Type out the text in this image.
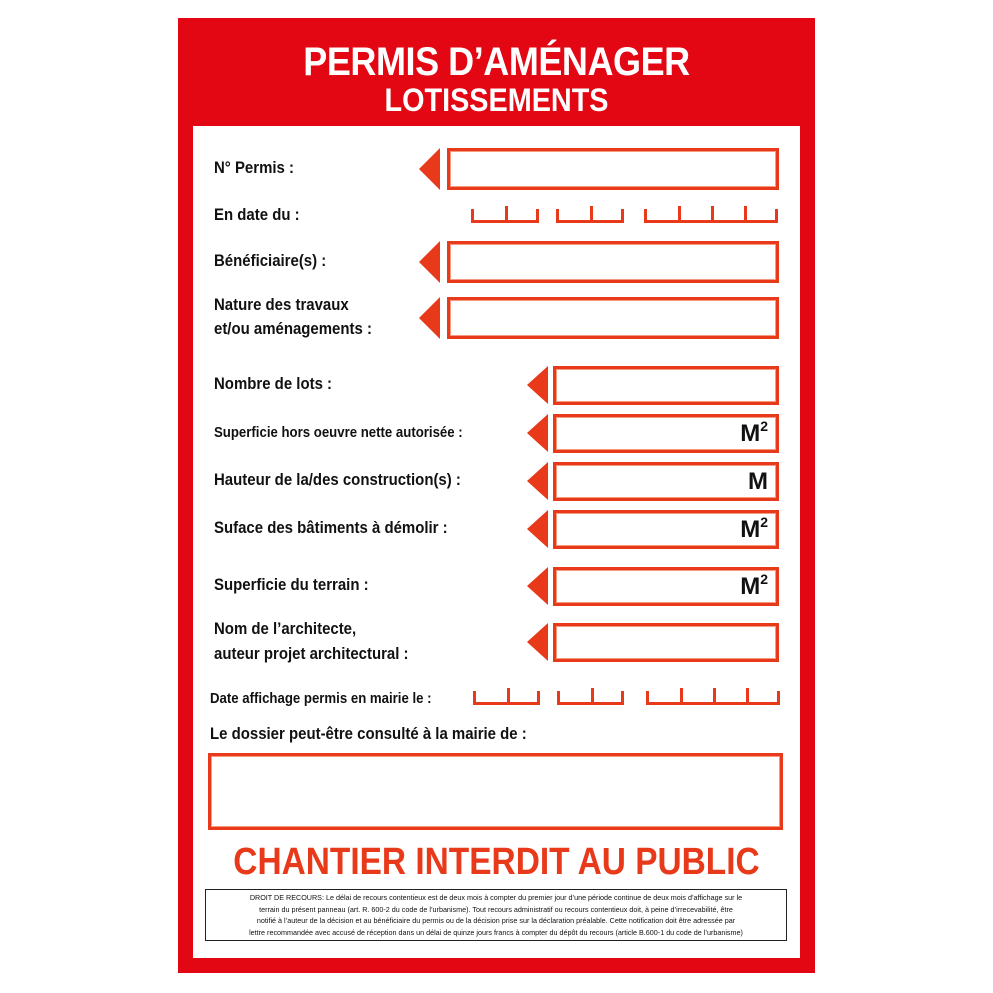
PERMIS D’AMÉNAGER
LOTISSEMENTS
N° Permis :
En date du :
Bénéficiaire(s) :
Nature des travaux
et/ou aménagements :
Nombre de lots :
Superficie hors oeuvre nette autorisée :	$M^2$
Hauteur de la/des construction(s) :	M
Suface des bâtiments à démolir :	$M^2$
Superficie du terrain :	$M^2$
Nom de l’architecte,
auteur projet architectural :
Date affichage permis en mairie le :
Le dossier peut-être consulté à la mairie de :
CHANTIER INTERDIT AU PUBLIC
DROIT DE RECOURS: Le délai de recours contentieux est de deux mois à compter du premier jour d’une période continue de deux mois d’affichage sur le
terrain du présent panneau (art. R. 600-2 du code de l’urbanisme). Tout recours administratif ou recours contentieux doit, à peine d’irrecevabilité, être
notifié à l’auteur de la décision et au bénéficiaire du permis ou de la décision prise sur la déclaration préalable. Cette notification doit être adressée par
lettre recommandée avec accusé de réception dans un délai de quinze jours francs à compter du dépôt du recours (article B.600-1 du code de l’urbanisme)
